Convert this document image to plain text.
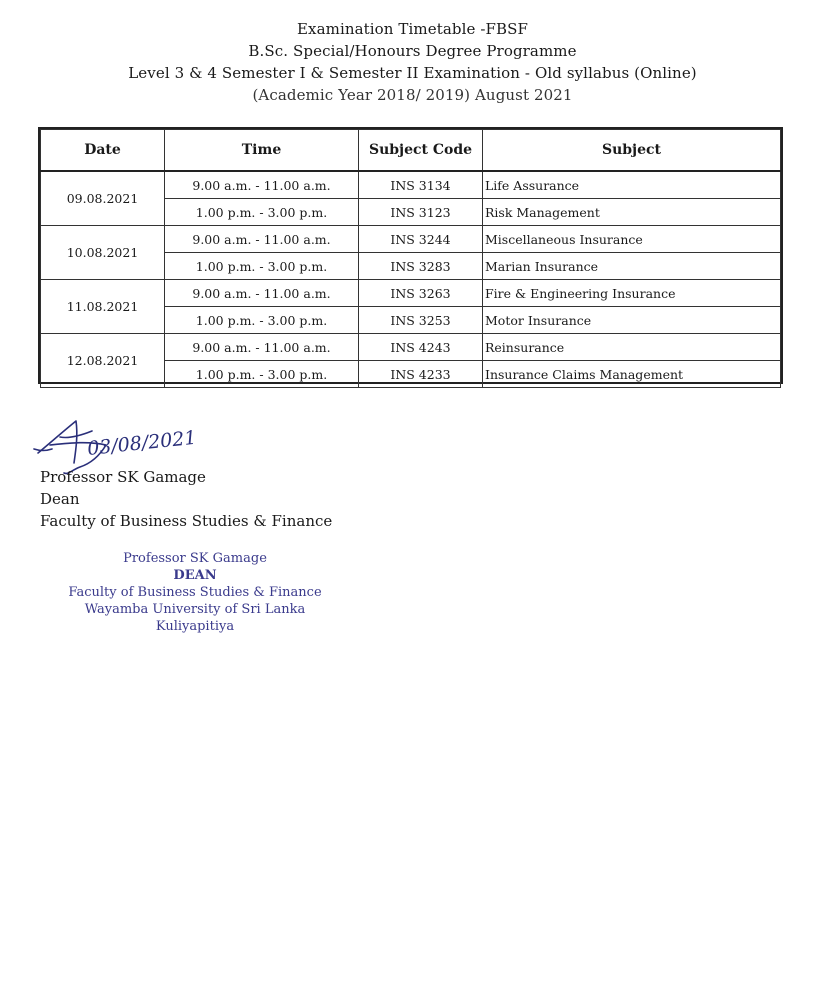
Examination Timetable -FBSF
B.Sc. Special/Honours Degree Programme
Level 3 & 4 Semester I & Semester II Examination - Old syllabus (Online)
(Academic Year 2018/ 2019) August 2021
Date	Time	Subject Code	Subject
09.08.2021	9.00 a.m. - 11.00 a.m.	INS 3134	Life Assurance
	1.00 p.m. - 3.00 p.m.	INS 3123	Risk Management
10.08.2021	9.00 a.m. - 11.00 a.m.	INS 3244	Miscellaneous Insurance
	1.00 p.m. - 3.00 p.m.	INS 3283	Marian Insurance
11.08.2021	9.00 a.m. - 11.00 a.m.	INS 3263	Fire & Engineering Insurance
	1.00 p.m. - 3.00 p.m.	INS 3253	Motor Insurance
12.08.2021	9.00 a.m. - 11.00 a.m.	INS 4243	Reinsurance
	1.00 p.m. - 3.00 p.m.	INS 4233	Insurance Claims Management
03/08/2021
Professor SK Gamage
Dean
Faculty of Business Studies & Finance
Professor SK Gamage
DEAN
Faculty of Business Studies & Finance
Wayamba University of Sri Lanka
Kuliyapitiya
